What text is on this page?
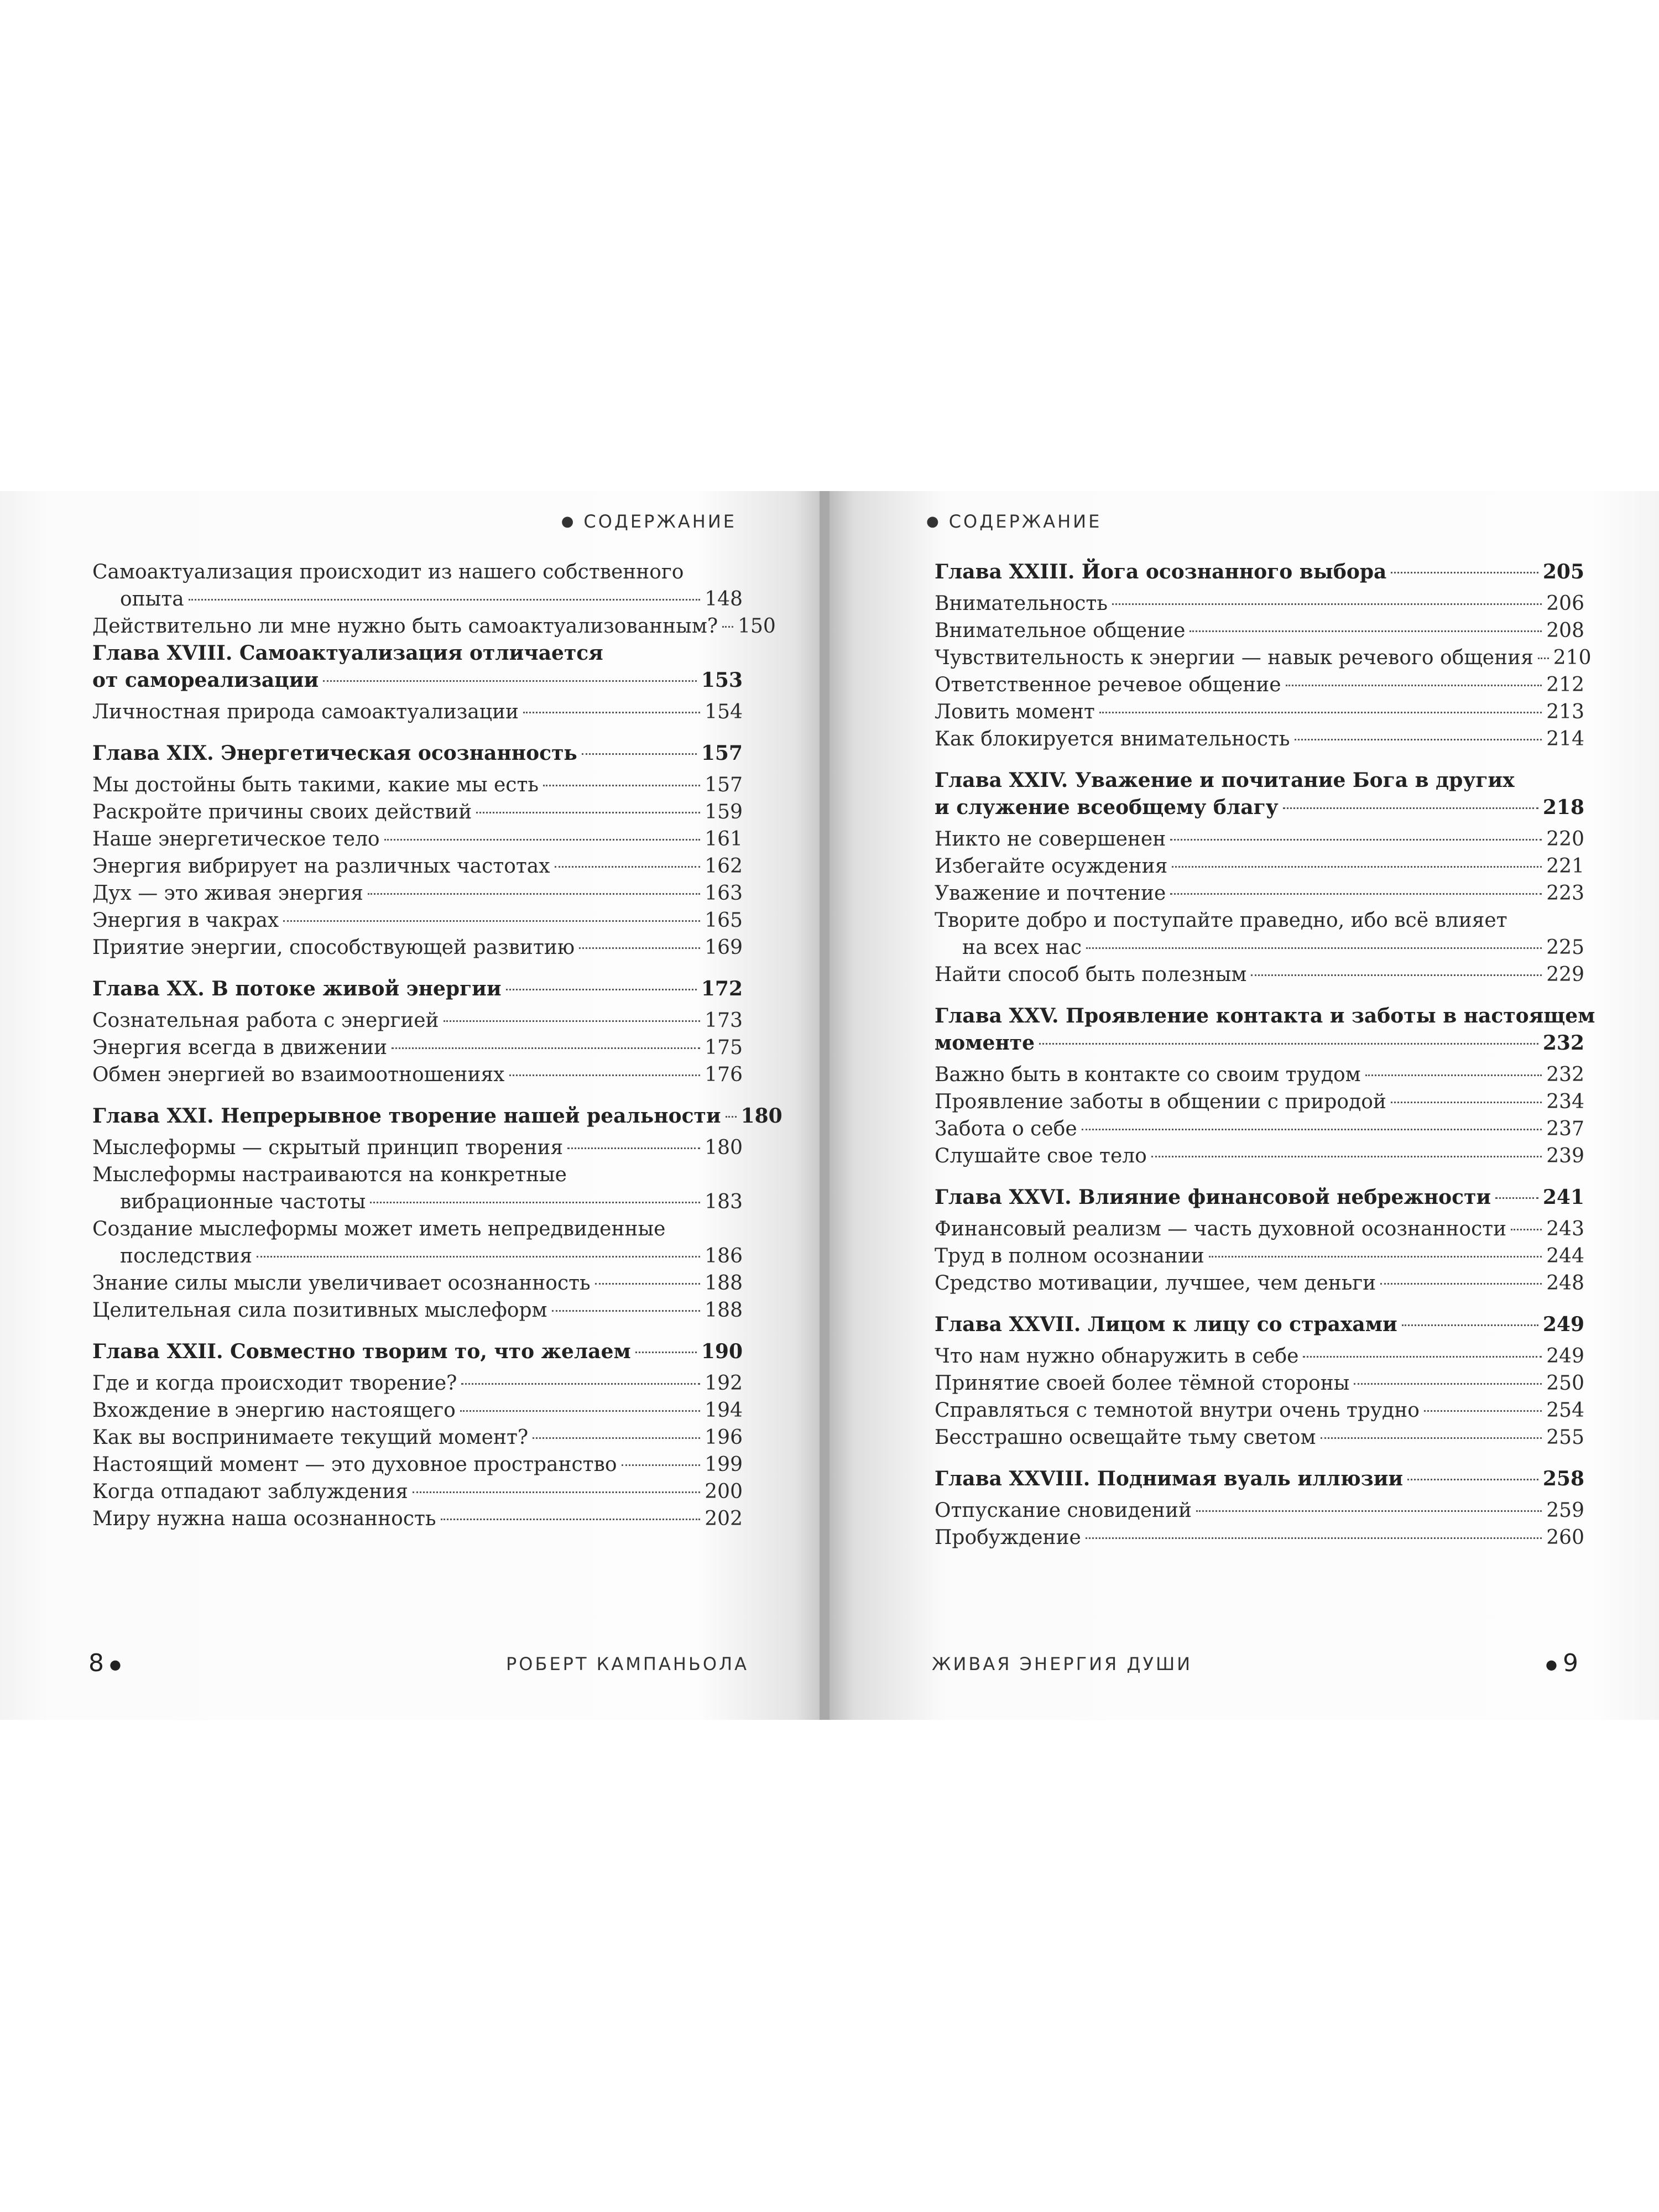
● СОДЕРЖАНИЕ
Самоактуализация происходит из нашего собственного
опыта	148
Действительно ли мне нужно быть самоактуализованным? 150
Глава XVIII. Самоактуализация отличается
от самореализации	153
Личностная природа самоактуализации	154
Глава XIX. Энергетическая осознанность	157
Мы достойны быть такими, какие мы есть	157
Раскройте причины своих действий	159
Наше энергетическое тело	161
Энергия вибрирует на различных частотах	162
Дух — это живая энергия	163
Энергия в чакрах	165
Приятие энергии, способствующей развитию	169
Глава XX. В потоке живой энергии	172
Сознательная работа с энергией	173
Энергия всегда в движении	175
Обмен энергией во взаимоотношениях	176
Глава XXI. Непрерывное творение нашей реальности 180
Мыслеформы — скрытый принцип творения	180
Мыслеформы настраиваются на конкретные
вибрационные частоты	183
Создание мыслеформы может иметь непредвиденные
последствия	186
Знание силы мысли увеличивает осознанность	188
Целительная сила позитивных мыслеформ	188
Глава XXII. Совместно творим то, что желаем	190
Где и когда происходит творение?	192
Вхождение в энергию настоящего	194
Как вы воспринимаете текущий момент?	196
Настоящий момент — это духовное пространство	199
Когда отпадают заблуждения	200
Миру нужна наша осознанность	202
8 ●	РОБЕРТ КАМПАНЬОЛА
● СОДЕРЖАНИЕ
Глава XXIII. Йога осознанного выбора	205
Внимательность	206
Внимательное общение	208
Чувствительность к энергии — навык речевого общения 210
Ответственное речевое общение	212
Ловить момент	213
Как блокируется внимательность	214
Глава XXIV. Уважение и почитание Бога в других
и служение всеобщему благу	218
Никто не совершенен	220
Избегайте осуждения	221
Уважение и почтение	223
Творите добро и поступайте праведно, ибо всё влияет
на всех нас	225
Найти способ быть полезным	229
Глава XXV. Проявление контакта и заботы в настоящем
моменте	232
Важно быть в контакте со своим трудом	232
Проявление заботы в общении с природой	234
Забота о себе	237
Слушайте свое тело	239
Глава XXVI. Влияние финансовой небрежности	241
Финансовый реализм — часть духовной осознанности 243
Труд в полном осознании	244
Средство мотивации, лучшее, чем деньги	248
Глава XXVII. Лицом к лицу со страхами	249
Что нам нужно обнаружить в себе	249
Принятие своей более тёмной стороны	250
Справляться с темнотой внутри очень трудно	254
Бесстрашно освещайте тьму светом	255
Глава XXVIII. Поднимая вуаль иллюзии	258
Отпускание сновидений	259
Пробуждение	260
ЖИВАЯ ЭНЕРГИЯ ДУШИ	● 9
